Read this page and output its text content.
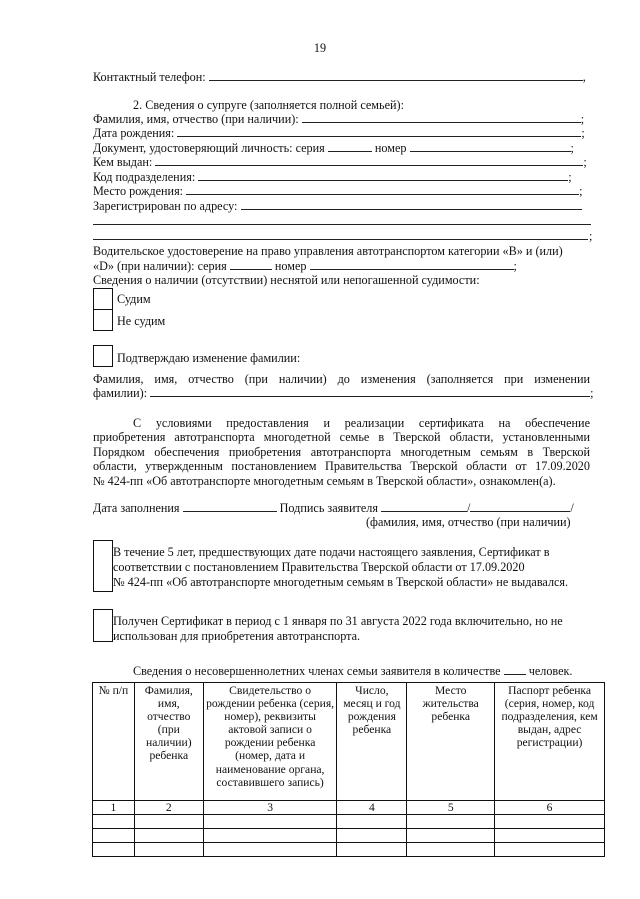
19
Контактный телефон:	,
2. Сведения о супруге (заполняется полной семьей):
Фамилия, имя, отчество (при наличии):	;
Дата рождения:	;
Документ, удостоверяющий личность: серия	номер	;
Кем выдан:	;
Код подразделения:	;
Место рождения:	;
Зарегистрирован по адресу:
;
Водительское удостоверение на право управления автотранспортом категории «В» и (или)
«D» (при наличии): серия	номер	;
Сведения о наличии (отсутствии) неснятой или непогашенной судимости:
Судим
Не судим
Подтверждаю изменение фамилии:
Фамилия, имя, отчество (при наличии) до изменения (заполняется при изменении
фамилии):	;
С условиями предоставления и реализации сертификата на обеспечение
приобретения автотранспорта многодетной семье в Тверской области, установленными
Порядком обеспечения приобретения автотранспорта многодетным семьям в Тверской
области, утвержденным постановлением Правительства Тверской области от 17.09.2020
№ 424-пп «Об автотранспорте многодетным семьям в Тверской области», ознакомлен(а).
Дата заполнения	Подпись заявителя	/	/
(фамилия, имя, отчество (при наличии)
В течение 5 лет, предшествующих дате подачи настоящего заявления, Сертификат в
соответствии с постановлением Правительства Тверской области от 17.09.2020
№ 424-пп «Об автотранспорте многодетным семьям в Тверской области» не выдавался.
Получен Сертификат в период с 1 января по 31 августа 2022 года включительно, но не
использован для приобретения автотранспорта.
Сведения о несовершеннолетних членах семьи заявителя в количестве человек.
№ п/п	Фамилия, имя, отчество (при наличии) ребенка	Свидетельство о рождении ребенка (серия, номер), реквизиты актовой записи о рождении ребенка (номер, дата и наименование органа, составившего запись)	Число, месяц и год рождения ребенка	Место жительства ребенка	Паспорт ребенка (серия, номер, код подразделения, кем выдан, адрес регистрации)
1	2	3	4	5	6
